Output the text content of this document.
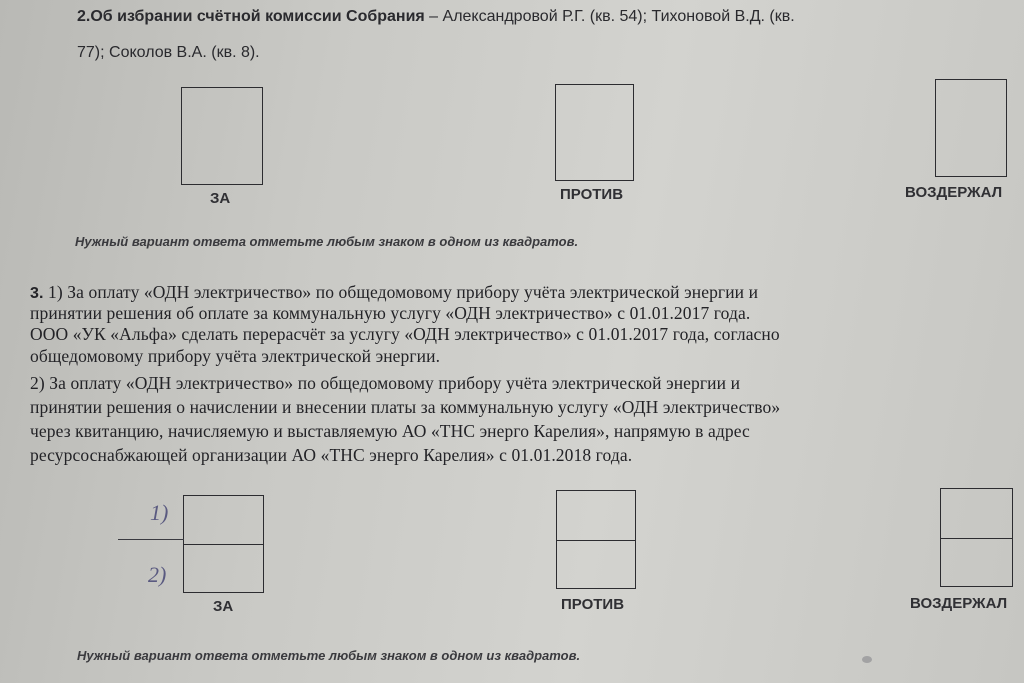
2.Об избрании счётной комиссии Собрания – Александровой Р.Г. (кв. 54); Тихоновой В.Д. (кв.
77); Соколов В.А. (кв. 8).
ЗА	ПРОТИВ	ВОЗДЕРЖАЛ
Нужный вариант ответа отметьте любым знаком в одном из квадратов.
3. 1) За оплату «ОДН электричество» по общедомовому прибору учёта электрической энергии и
принятии решения об оплате за коммунальную услугу «ОДН электричество» с 01.01.2017 года.
ООО «УК «Альфа» сделать перерасчёт за услугу «ОДН электричество» с 01.01.2017 года, согласно
общедомовому прибору учёта электрической энергии.
2) За оплату «ОДН электричество» по общедомовому прибору учёта электрической энергии и
принятии решения о начислении и внесении платы за коммунальную услугу «ОДН электричество»
через квитанцию, начисляемую и выставляемую АО «ТНС энерго Карелия», напрямую в адрес
ресурсоснабжающей организации АО «ТНС энерго Карелия» с 01.01.2018 года.
1)
2)
ЗА	ПРОТИВ	ВОЗДЕРЖАЛ
Нужный вариант ответа отметьте любым знаком в одном из квадратов.
